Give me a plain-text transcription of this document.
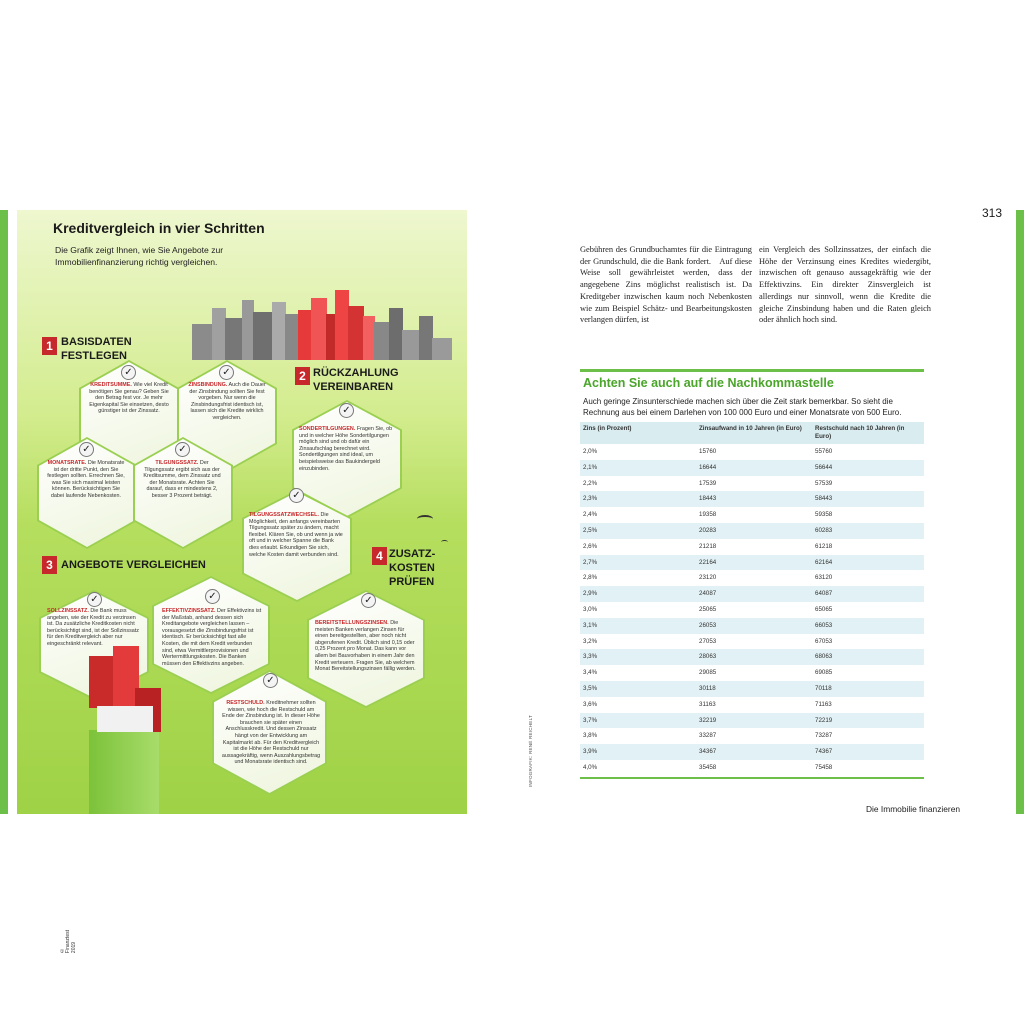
Kreditvergleich in vier Schritten
Die Grafik zeigt Ihnen, wie Sie Angebote zur Immobilienfinanzierung richtig vergleichen.
1 BASISDATEN FESTLEGEN
2 RÜCKZAHLUNG VEREINBAREN
3 ANGEBOTE VERGLEICHEN
4 ZUSATZ-KOSTEN PRÜFEN
✓
KREDITSUMME. Wie viel Kredit benötigen Sie genau? Geben Sie den Betrag fest vor. Je mehr Eigenkapital Sie einsetzen, desto günstiger ist der Zinssatz.
✓
ZINSBINDUNG. Auch die Dauer der Zinsbindung sollten Sie fest vorgeben. Nur wenn die Zinsbindungsfrist identisch ist, lassen sich die Kredite wirklich vergleichen.
✓
MONATSRATE. Die Monatsrate ist der dritte Punkt, den Sie festlegen sollten. Errechnen Sie, was Sie sich maximal leisten können. Berücksichtigen Sie dabei laufende Nebenkosten.
✓
TILGUNGSSATZ. Der Tilgungssatz ergibt sich aus der Kreditsumme, dem Zinssatz und der Monatsrate. Achten Sie darauf, dass er mindestens 2, besser 3 Prozent beträgt.
✓
SONDERTILGUNGEN. Fragen Sie, ob und in welcher Höhe Sondertilgungen möglich sind und ob dafür ein Zinsaufschlag berechnet wird. Sondertilgungen sind ideal, um beispielsweise das Baukindergeld einzubinden.
✓
TILGUNGSSATZWECHSEL. Die Möglichkeit, den anfangs vereinbarten Tilgungssatz später zu ändern, macht flexibel. Klären Sie, ob und wenn ja wie oft und in welcher Spanne die Bank dies erlaubt. Erkundigen Sie sich, welche Kosten damit verbunden sind.
✓
SOLLZINSSATZ. Die Bank muss angeben, wie der Kredit zu verzinsen ist. Da zusätzliche Kreditkosten nicht berücksichtigt sind, ist der Sollzinssatz für den Kreditvergleich aber nur eingeschränkt relevant.
✓
EFFEKTIVZINSSATZ. Der Effektivzins ist der Maßstab, anhand dessen sich Kreditangebote vergleichen lassen – vorausgesetzt die Zinsbindungsfrist ist identisch. Er berücksichtigt fast alle Kosten, die mit dem Kredit verbunden sind, etwa Vermittlerprovisionen und Wertermittlungskosten. Die Banken müssen den Effektivzins angeben.
✓
BEREITSTELLUNGSZINSEN. Die meisten Banken verlangen Zinsen für einen bereitgestellten, aber noch nicht abgerufenen Kredit. Üblich sind 0,15 oder 0,25 Prozent pro Monat. Das kann vor allem bei Bauvorhaben in einem Jahr den Kredit verteuern. Fragen Sie, ab welchem Monat Bereitstellungszinsen fällig werden.
✓
RESTSCHULD. Kreditnehmer sollten wissen, wie hoch die Restschuld am Ende der Zinsbindung ist. In dieser Höhe brauchen sie später einen Anschlusskredit. Und dessen Zinssatz hängt von der Entwicklung am Kapitalmarkt ab. Für den Kreditvergleich ist die Höhe der Restschuld nur aussagekräftig, wenn Auszahlungsbetrag und Monatsrate identisch sind.
© Finanztest 2019
313
Gebühren des Grundbuchamtes für die Eintragung der Grundschuld, die die Bank fordert. Auf diese Weise soll gewährleistet werden, dass der angegebene Zins möglichst realistisch ist. Da Kreditgeber inzwischen kaum noch Nebenkosten wie zum Beispiel Schätz- und Bearbeitungskosten verlangen dürfen, ist
ein Vergleich des Sollzinssatzes, der einfach die Höhe der Verzinsung eines Kredites wiedergibt, inzwischen oft genauso aussagekräftig wie der Effektivzins. Ein direkter Zinsvergleich ist allerdings nur sinnvoll, wenn die Kredite die gleiche Zinsbindung haben und die Raten gleich oder ähnlich hoch sind.
INFOGRAFIK: RENÉ REICHELT
Achten Sie auch auf die Nachkommastelle
Auch geringe Zinsunterschiede machen sich über die Zeit stark bemerkbar. So sieht die Rechnung aus bei einem Darlehen von 100 000 Euro und einer Monatsrate von 500 Euro.
Zins (in Prozent)	Zinsaufwand in 10 Jahren (in Euro)	Restschuld nach 10 Jahren (in Euro)
2,0%	15760	55760
2,1%	16644	56644
2,2%	17539	57539
2,3%	18443	58443
2,4%	19358	59358
2,5%	20283	60283
2,6%	21218	61218
2,7%	22164	62164
2,8%	23120	63120
2,9%	24087	64087
3,0%	25065	65065
3,1%	26053	66053
3,2%	27053	67053
3,3%	28063	68063
3,4%	29085	69085
3,5%	30118	70118
3,6%	31163	71163
3,7%	32219	72219
3,8%	33287	73287
3,9%	34367	74367
4,0%	35458	75458
Die Immobilie finanzieren
